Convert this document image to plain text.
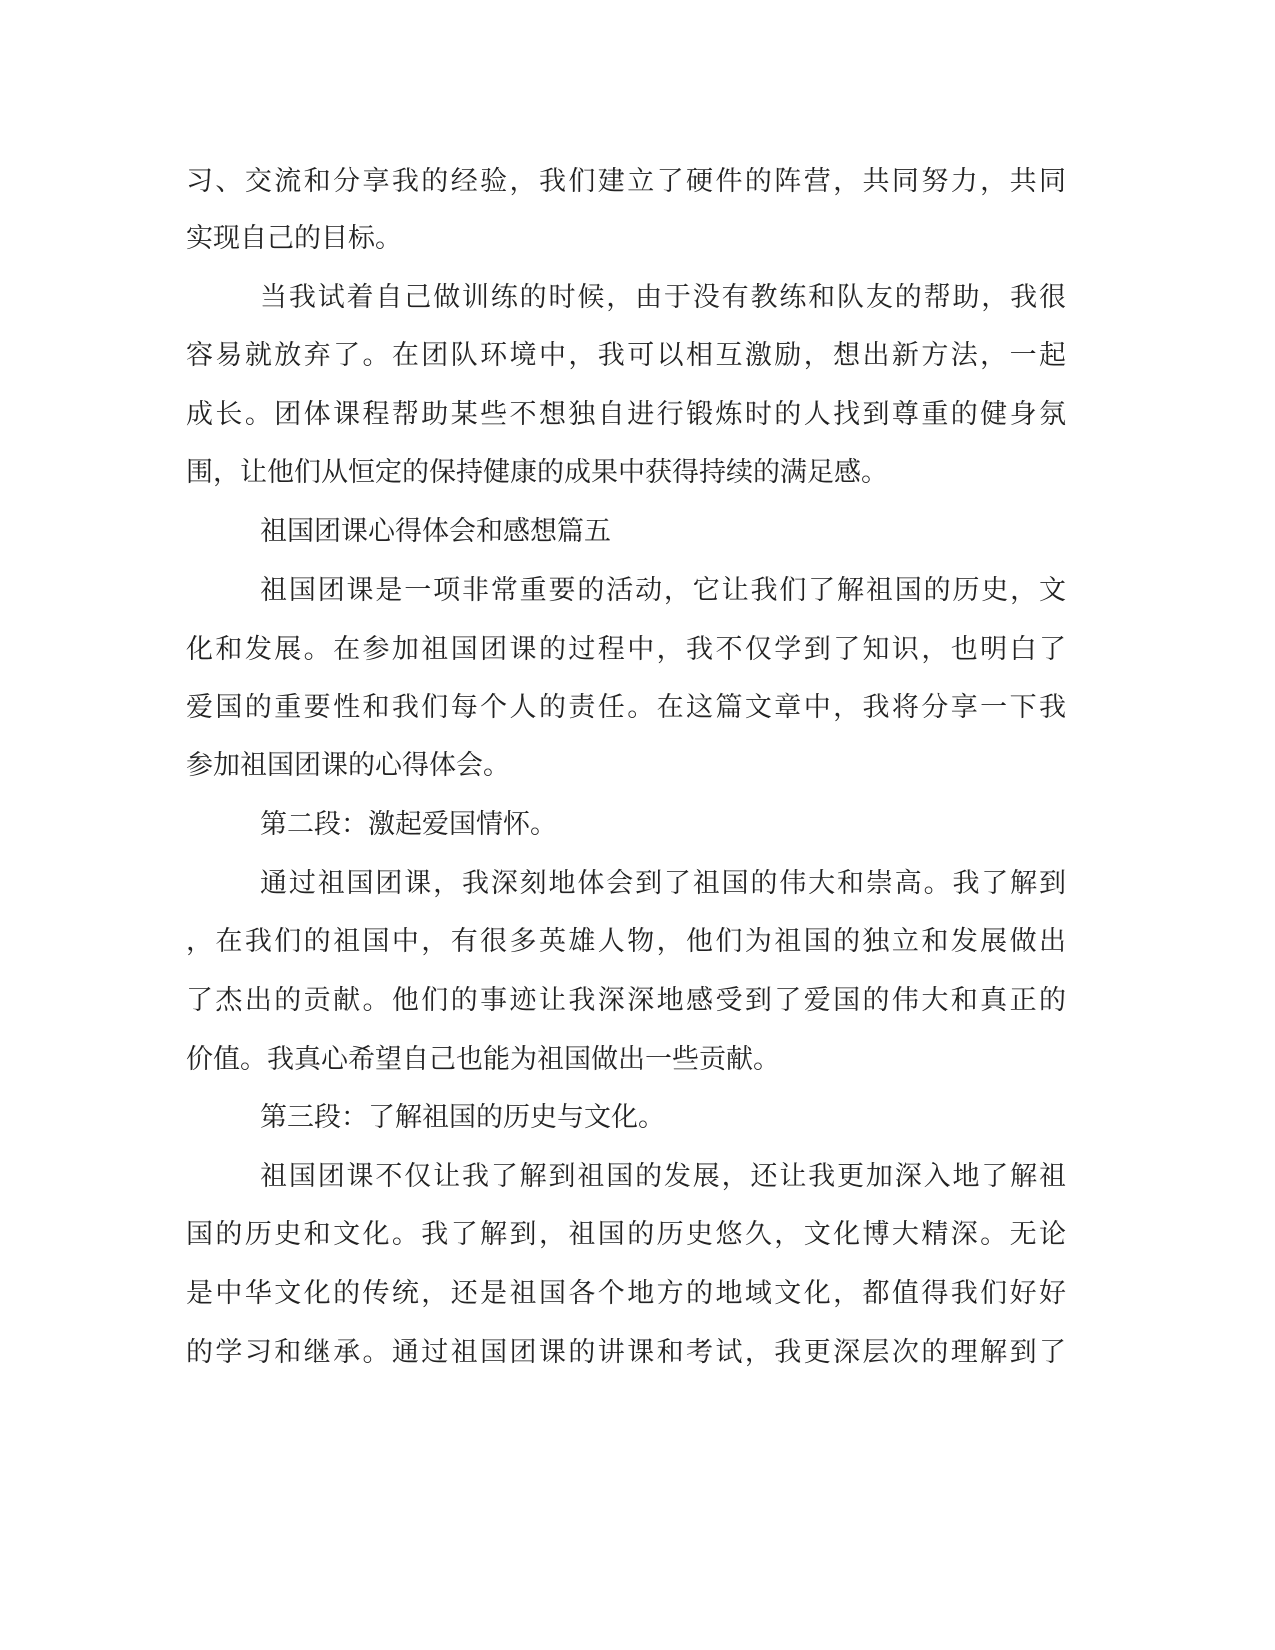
习、交流和分享我的经验，我们建立了硬件的阵营，共同努力，共同
实现自己的目标。
当我试着自己做训练的时候，由于没有教练和队友的帮助，我很
容易就放弃了。在团队环境中，我可以相互激励，想出新方法，一起
成长。团体课程帮助某些不想独自进行锻炼时的人找到尊重的健身氛
围，让他们从恒定的保持健康的成果中获得持续的满足感。
祖国团课心得体会和感想篇五
祖国团课是一项非常重要的活动，它让我们了解祖国的历史，文
化和发展。在参加祖国团课的过程中，我不仅学到了知识，也明白了
爱国的重要性和我们每个人的责任。在这篇文章中，我将分享一下我
参加祖国团课的心得体会。
第二段：激起爱国情怀。
通过祖国团课，我深刻地体会到了祖国的伟大和崇高。我了解到
，在我们的祖国中，有很多英雄人物，他们为祖国的独立和发展做出
了杰出的贡献。他们的事迹让我深深地感受到了爱国的伟大和真正的
价值。我真心希望自己也能为祖国做出一些贡献。
第三段：了解祖国的历史与文化。
祖国团课不仅让我了解到祖国的发展，还让我更加深入地了解祖
国的历史和文化。我了解到，祖国的历史悠久，文化博大精深。无论
是中华文化的传统，还是祖国各个地方的地域文化，都值得我们好好
的学习和继承。通过祖国团课的讲课和考试，我更深层次的理解到了
